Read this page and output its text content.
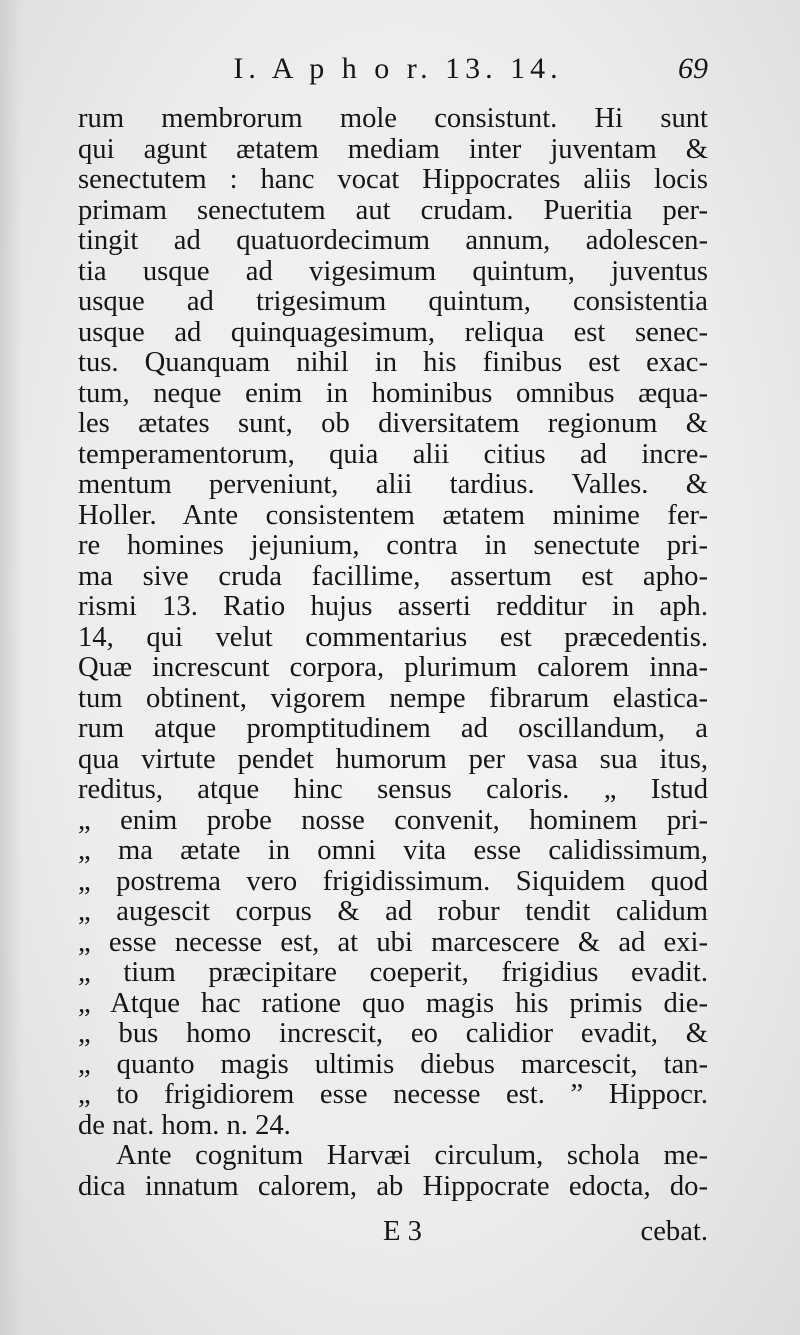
I. A p h o r. 13. 14.	69
rum membrorum mole consistunt. Hi sunt
qui agunt ætatem mediam inter juventam &
senectutem : hanc vocat Hippocrates aliis locis
primam senectutem aut crudam. Pueritia per-
tingit ad quatuordecimum annum, adolescen-
tia usque ad vigesimum quintum, juventus
usque ad trigesimum quintum, consistentia
usque ad quinquagesimum, reliqua est senec-
tus. Quanquam nihil in his finibus est exac-
tum, neque enim in hominibus omnibus æqua-
les ætates sunt, ob diversitatem regionum &
temperamentorum, quia alii citius ad incre-
mentum perveniunt, alii tardius. Valles. &
Holler. Ante consistentem ætatem minime fer-
re homines jejunium, contra in senectute pri-
ma sive cruda facillime, assertum est apho-
rismi 13. Ratio hujus asserti redditur in aph.
14, qui velut commentarius est præcedentis.
Quæ increscunt corpora, plurimum calorem inna-
tum obtinent, vigorem nempe fibrarum elastica-
rum atque promptitudinem ad oscillandum, a
qua virtute pendet humorum per vasa sua itus,
reditus, atque hinc sensus caloris. „ Istud
„ enim probe nosse convenit, hominem pri-
„ ma ætate in omni vita esse calidissimum,
„ postrema vero frigidissimum. Siquidem quod
„ augescit corpus & ad robur tendit calidum
„ esse necesse est, at ubi marcescere & ad exi-
„ tium præcipitare coeperit, frigidius evadit.
„ Atque hac ratione quo magis his primis die-
„ bus homo increscit, eo calidior evadit, &
„ quanto magis ultimis diebus marcescit, tan-
„ to frigidiorem esse necesse est. ” Hippocr.
de nat. hom. n. 24.
Ante cognitum Harvæi circulum, schola me-
dica innatum calorem, ab Hippocrate edocta, do-
E 3	cebat.
